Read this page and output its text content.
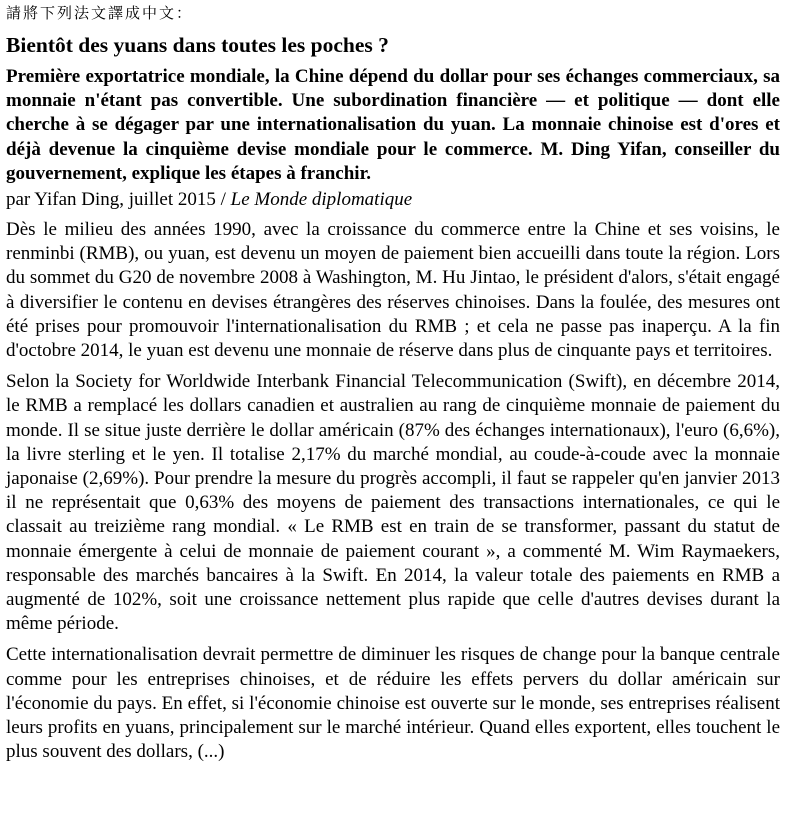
請將下列法文譯成中文：
Bientôt des yuans dans toutes les poches ?

Première exportatrice mondiale, la Chine dépend du dollar pour ses échanges commerciaux, sa monnaie n'étant pas convertible. Une subordination financière — et politique — dont elle cherche à se dégager par une internationalisation du yuan. La monnaie chinoise est d'ores et déjà devenue la cinquième devise mondiale pour le commerce. M. Ding Yifan, conseiller du gouvernement, explique les étapes à franchir.

par Yifan Ding, juillet 2015 / Le Monde diplomatique

Dès le milieu des années 1990, avec la croissance du commerce entre la Chine et ses voisins, le renminbi (RMB), ou yuan, est devenu un moyen de paiement bien accueilli dans toute la région. Lors du sommet du G20 de novembre 2008 à Washington, M. Hu Jintao, le président d'alors, s'était engagé à diversifier le contenu en devises étrangères des réserves chinoises. Dans la foulée, des mesures ont été prises pour promouvoir l'internationalisation du RMB ; et cela ne passe pas inaperçu. A la fin d'octobre 2014, le yuan est devenu une monnaie de réserve dans plus de cinquante pays et territoires.

Selon la Society for Worldwide Interbank Financial Telecommunication (Swift), en décembre 2014, le RMB a remplacé les dollars canadien et australien au rang de cinquième monnaie de paiement du monde. Il se situe juste derrière le dollar américain (87% des échanges internationaux), l'euro (6,6%), la livre sterling et le yen. Il totalise 2,17% du marché mondial, au coude-à-coude avec la monnaie japonaise (2,69%). Pour prendre la mesure du progrès accompli, il faut se rappeler qu'en janvier 2013 il ne représentait que 0,63% des moyens de paiement des transactions internationales, ce qui le classait au treizième rang mondial. « Le RMB est en train de se transformer, passant du statut de monnaie émergente à celui de monnaie de paiement courant », a commenté M. Wim Raymaekers, responsable des marchés bancaires à la Swift. En 2014, la valeur totale des paiements en RMB a augmenté de 102%, soit une croissance nettement plus rapide que celle d'autres devises durant la même période.

Cette internationalisation devrait permettre de diminuer les risques de change pour la banque centrale comme pour les entreprises chinoises, et de réduire les effets pervers du dollar américain sur l'économie du pays. En effet, si l'économie chinoise est ouverte sur le monde, ses entreprises réalisent leurs profits en yuans, principalement sur le marché intérieur. Quand elles exportent, elles touchent le plus souvent des dollars, (...)
